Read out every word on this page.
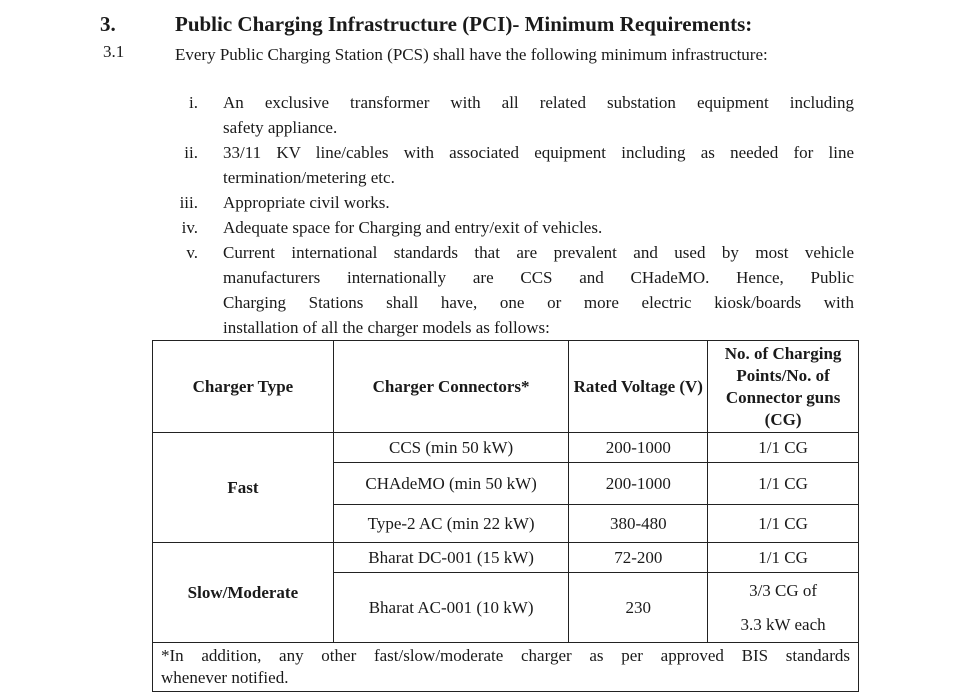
3.	Public Charging Infrastructure (PCI)- Minimum Requirements:
3.1	Every Public Charging Station (PCS) shall have the following minimum infrastructure:
i. An exclusive transformer with all related substation equipment including
safety appliance.
ii. 33/11 KV line/cables with associated equipment including as needed for line
termination/metering etc.
iii. Appropriate civil works.
iv. Adequate space for Charging and entry/exit of vehicles.
v. Current international standards that are prevalent and used by most vehicle
manufacturers internationally are CCS and CHadeMO. Hence, Public
Charging Stations shall have, one or more electric kiosk/boards with
installation of all the charger models as follows:
Charger Type	Charger Connectors*	Rated Voltage (V)	No. of Charging Points/No. of Connector guns (CG)
Fast	CCS (min 50 kW)	200-1000	1/1 CG
	CHAdeMO (min 50 kW)	200-1000	1/1 CG
	Type-2 AC (min 22 kW)	380-480	1/1 CG
Slow/Moderate	Bharat DC-001 (15 kW)	72-200	1/1 CG
	Bharat AC-001 (10 kW)	230	3/3 CG of
3.3 kW each

*In addition, any other fast/slow/moderate charger as per approved BIS standards
whenever notified.			
